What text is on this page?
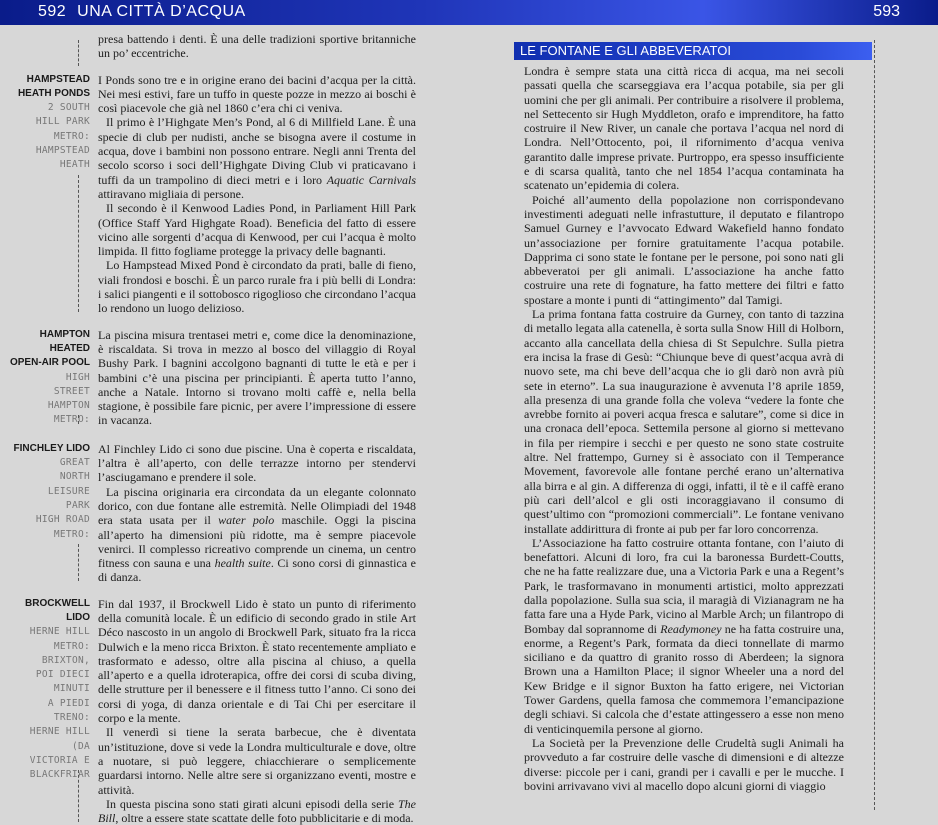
592 UNA CITTÀ D’ACQUA	593

presa battendo i denti. È una delle tradizioni sportive britanniche un po’ eccentriche.

HAMPSTEAD
HEATH PONDS
2 SOUTH
HILL PARK
METRO:
HAMPSTEAD
HEATH

I Ponds sono tre e in origine erano dei bacini d’acqua per la città. Nei mesi estivi, fare un tuffo in queste pozze in mezzo ai boschi è così piacevole che già nel 1860 c’era chi ci veniva.

Il primo è l’Highgate Men’s Pond, al 6 di Millfield Lane. È una specie di club per nudisti, anche se bisogna avere il costume in acqua, dove i bambini non possono entrare. Negli anni Trenta del secolo scorso i soci dell’Highgate Diving Club vi praticavano i tuffi da un trampolino di dieci metri e i loro Aquatic Carnivals attiravano migliaia di persone.

Il secondo è il Kenwood Ladies Pond, in Parliament Hill Park (Office Staff Yard Highgate Road). Beneficia del fatto di essere vicino alle sorgenti d’acqua di Kenwood, per cui l’acqua è molto limpida. Il fitto fogliame protegge la privacy delle bagnanti.

Lo Hampstead Mixed Pond è circondato da prati, balle di fieno, viali frondosi e boschi. È un parco rurale fra i più belli di Londra: i salici piangenti e il sottobosco rigoglioso che circondano l’acqua lo rendono un luogo delizioso.

HAMPTON HEATED
OPEN-AIR POOL
HIGH
STREET
HAMPTON
METRO:

La piscina misura trentasei metri e, come dice la denominazione, è riscaldata. Si trova in mezzo al bosco del villaggio di Royal Bushy Park. I bagnini accolgono bagnanti di tutte le età e per i bambini c’è una piscina per principianti. È aperta tutto l’anno, anche a Natale. Intorno si trovano molti caffè e, nella bella stagione, è possibile fare picnic, per avere l’impressione di essere in vacanza.

FINCHLEY LIDO
GREAT
NORTH
LEISURE
PARK
HIGH ROAD
METRO:

Al Finchley Lido ci sono due piscine. Una è coperta e riscaldata, l’altra è all’aperto, con delle terrazze intorno per stendervi l’asciugamano e prendere il sole.

La piscina originaria era circondata da un elegante colonnato dorico, con due fontane alle estremità. Nelle Olimpiadi del 1948 era stata usata per il water polo maschile. Oggi la piscina all’aperto ha dimensioni più ridotte, ma è sempre piacevole venirci. Il complesso ricreativo comprende un cinema, un centro fitness con sauna e una health suite. Ci sono corsi di ginnastica e di danza.

BROCKWELL LIDO
HERNE HILL
METRO:
BRIXTON,
POI DIECI
MINUTI
A PIEDI
TRENO:
HERNE HILL
(DA
VICTORIA E
BLACKFRIAR

Fin dal 1937, il Brockwell Lido è stato un punto di riferimento della comunità locale. È un edificio di secondo grado in stile Art Déco nascosto in un angolo di Brockwell Park, situato fra la ricca Dulwich e la meno ricca Brixton. È stato recentemente ampliato e trasformato e adesso, oltre alla piscina al chiuso, a quella all’aperto e a quella idroterapica, offre dei corsi di scuba diving, delle strutture per il benessere e il fitness tutto l’anno. Ci sono dei corsi di yoga, di danza orientale e di Tai Chi per esercitare il corpo e la mente.

Il venerdì si tiene la serata barbecue, che è diventata un’istituzione, dove si vede la Londra multiculturale e dove, oltre a nuotare, si può leggere, chiacchierare o semplicemente guardarsi intorno. Nelle altre sere si organizzano eventi, mostre e attività.

In questa piscina sono stati girati alcuni episodi della serie The Bill, oltre a essere state scattate delle foto pubblicitarie e di moda.

LE FONTANE E GLI ABBEVERATOI

Londra è sempre stata una città ricca di acqua, ma nei secoli passati quella che scarseggiava era l’acqua potabile, sia per gli uomini che per gli animali. Per contribuire a risolvere il problema, nel Settecento sir Hugh Myddleton, orafo e imprenditore, ha fatto costruire il New River, un canale che portava l’acqua nel nord di Londra. Nell’Ottocento, poi, il rifornimento d’acqua veniva garantito dalle imprese private. Purtroppo, era spesso insufficiente e di scarsa qualità, tanto che nel 1854 l’acqua contaminata ha scatenato un’epidemia di colera.

Poiché all’aumento della popolazione non corrispondevano investimenti adeguati nelle infrastutture, il deputato e filantropo Samuel Gurney e l’avvocato Edward Wakefield hanno fondato un’associazione per fornire gratuitamente l’acqua potabile. Dapprima ci sono state le fontane per le persone, poi sono nati gli abbeveratoi per gli animali. L’associazione ha anche fatto costruire una rete di fognature, ha fatto mettere dei filtri e fatto spostare a monte i punti di “attingimento” dal Tamigi.

La prima fontana fatta costruire da Gurney, con tanto di tazzina di metallo legata alla catenella, è sorta sulla Snow Hill di Holborn, accanto alla cancellata della chiesa di St Sepulchre. Sulla pietra era incisa la frase di Gesù: “Chiunque beve di quest’acqua avrà di nuovo sete, ma chi beve dell’acqua che io gli darò non avrà più sete in eterno”. La sua inaugurazione è avvenuta l’8 aprile 1859, alla presenza di una grande folla che voleva “vedere la fonte che avrebbe fornito ai poveri acqua fresca e salutare”, come si dice in una cronaca dell’epoca. Settemila persone al giorno si mettevano in fila per riempire i secchi e per questo ne sono state costruite altre. Nel frattempo, Gurney si è associato con il Temperance Movement, favorevole alle fontane perché erano un’alternativa alla birra e al gin. A differenza di oggi, infatti, il tè e il caffè erano più cari dell’alcol e gli osti incoraggiavano il consumo di quest’ultimo con “promozioni commerciali”. Le fontane venivano installate addirittura di fronte ai pub per far loro concorrenza.

L’Associazione ha fatto costruire ottanta fontane, con l’aiuto di benefattori. Alcuni di loro, fra cui la baronessa Burdett-Coutts, che ne ha fatte realizzare due, una a Victoria Park e una a Regent’s Park, le trasformavano in monumenti artistici, molto apprezzati dalla popolazione. Sulla sua scia, il maragià di Vizianagram ne ha fatta fare una a Hyde Park, vicino al Marble Arch; un filantropo di Bombay dal soprannome di Readymoney ne ha fatta costruire una, enorme, a Regent’s Park, formata da dieci tonnellate di marmo siciliano e da quattro di granito rosso di Aberdeen; la signora Brown una a Hamilton Place; il signor Wheeler una a nord del Kew Bridge e il signor Buxton ha fatto erigere, nei Victorian Tower Gardens, quella famosa che commemora l’emancipazione degli schiavi. Si calcola che d’estate attingessero a esse non meno di venticinquemila persone al giorno.

La Società per la Prevenzione delle Crudeltà sugli Animali ha provveduto a far costruire delle vasche di dimensioni e di altezze diverse: piccole per i cani, grandi per i cavalli e per le mucche. I bovini arrivavano vivi al macello dopo alcuni giorni di viaggio
